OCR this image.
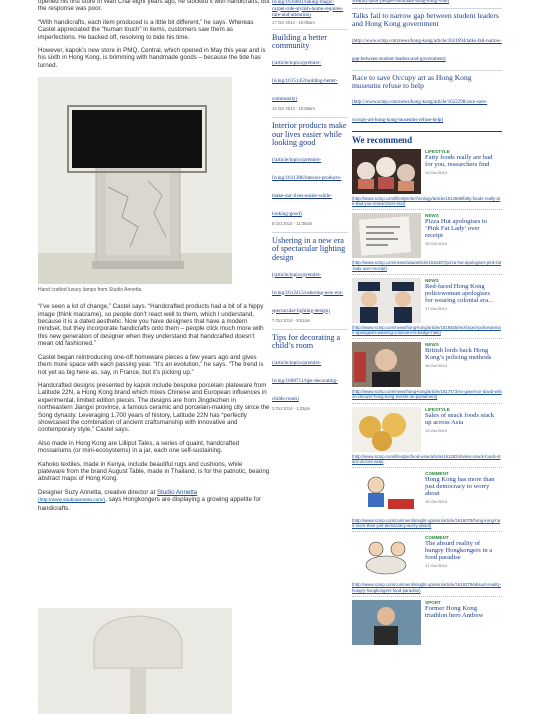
opened his first store in Wan Chai eight years ago, he stocked it with handicrafts, but the response was poor.

“With handicrafts, each item produced is a little bit different,” he says. Whereas Castel appreciated the “human touch” in items, customers saw them as imperfections. He backed off, resolving to bide his time.

However, kapok’s new store in PMQ, Central, which opened in May this year and is his sixth in Hong Kong, is brimming with handmade goods – because the tide has turned.

Hand crafted luxury lamps from Studio Annetta

“I’ve seen a lot of change,” Castel says. “Handcrafted products had a bit of a hippy image (think macrame), so people don’t react well to them, which I understand, because it is a dated aesthetic. Now you have designers that have a modern mindset, but they incorporate handicrafts onto them – people click much more with this new generation of designer when they understand that handcrafted doesn’t mean old fashioned.”

Castel began reintroducing one-off homeware pieces a few years ago and gives them more space with each passing year. “It’s an evolution,” he says. “The trend is not yet as big here as, say, in France, but it’s picking up.”

Handcrafted designs presented by kapok include bespoke porcelain plateware from Latitude 22N, a Hong Kong brand which mixes Chinese and European influences in experimental, limited edition pieces. The designs are from Jingdezhen in northeastern Jiangxi province, a famous ceramic and porcelain-making city since the Song dynasty. Leveraging 1,700 years of history, Latitude 22N has “perfectly showcased the combination of ancient craftsmanship with innovative and contemporary style,” Castel says.

Also made in Hong Kong are Lilliput Tales, a series of quaint, handcrafted mossariums (or mini-ecosystems) in a jar, each one self-sustaining.

Kahoko textiles, made in Kenya, include beautiful rugs and cushions, while plateware from the brand August Table, made in Thailand, is for the patriotic, bearing abstract maps of Hong Kong.

Designer Suzy Annetta, creative director at Studio Annetta
(http://www.studioannetta.com/), says Hongkongers are displaying a growing appetite for handicrafts.

living/1616801/taking-magic-carpet-ride-stylish-home-requires-rare-and-attention)
17 Oct 2014 - 10:05am
Building a better community
(/article/topics/premier-living/1615145/building-better-community)
13 Oct 2014 - 10:55am
Interior products make our lives easier while looking good
(/article/topics/premier-living/1611386/interior-products-make-our-lives-easier-while-looking-good)
8 Oct 2014 - 11:30am
Ushering in a new era of spectacular lighting design
(/article/topics/premier-living/1612415/ushering-new-era-spectacular-lighting-design)
7 Oct 2014 - 9:51am
Tips for decorating a child’s room
(/article/topics/premier-living/1608711/tips-decorating-childs-room)
3 Oct 2014 - 1:22pm
wealthy-poor-people-dominate-hong-kong-vote)
Talks fail to narrow gap between student leaders and Hong Kong government
(http://www.scmp.com/news/hong-kong/article/1621694/talks-fail-narrow-gap-between-student-leaders-and-government)
Race to save Occupy art as Hong Kong museums refuse to help
(http://www.scmp.com/news/hong-kong/article/1622298/race-save-occupy-art-hong-kong-museums-refuse-help)
We recommend
LIFESTYLE
Fatty foods really are bad for you, researchers find
13 Oct 2014
(http://www.scmp.com/lifestyle/technology/article/1614568/fatty-foods-really-are-bad-you-researchers-find)
NEWS
Pizza Hut apologises to ‘Pink Fat Lady’ over receipt
15 Oct 2014
(http://www.scmp.com/news/asia/article/1616407/pizza-hut-apologises-pink-fat-lady-over-receipt)
NEWS
Red-faced Hong Kong policewoman apologises for wearing colonial era...
17 Oct 2014
(http://www.scmp.com/news/hong-kong/article/1618405/red-faced-policewoman-apologises-wearing-colonial-era-badge-hats)
NEWS
British lords back Hong Kong’s policing methods
16 Oct 2014
(http://www.scmp.com/news/hong-kong/article/1617473/ex-governor-david-wilson-discuss-hong-kong-events-uk-parliament)
LIFESTYLE
Sales of snack foods stack up across Asia
13 Oct 2014
(http://www.scmp.com/lifestyle/food-wine/article/1612924/sales-snack-foods-stack-across-asia)
COMMENT
Hong Kong has more than just democracy to worry about
15 Oct 2014
(http://www.scmp.com/comment/insight-opinion/article/1616075/hong-kong-has-more-than-just-democracy-worry-about)
COMMENT
The absurd reality of hungry Hongkongers in a food paradise
17 Oct 2014
(http://www.scmp.com/comment/insight-opinion/article/1618279/absurd-reality-hungry-hongkongers-food-paradise)
SPORT
Former Hong Kong triathlon hero Andrew
